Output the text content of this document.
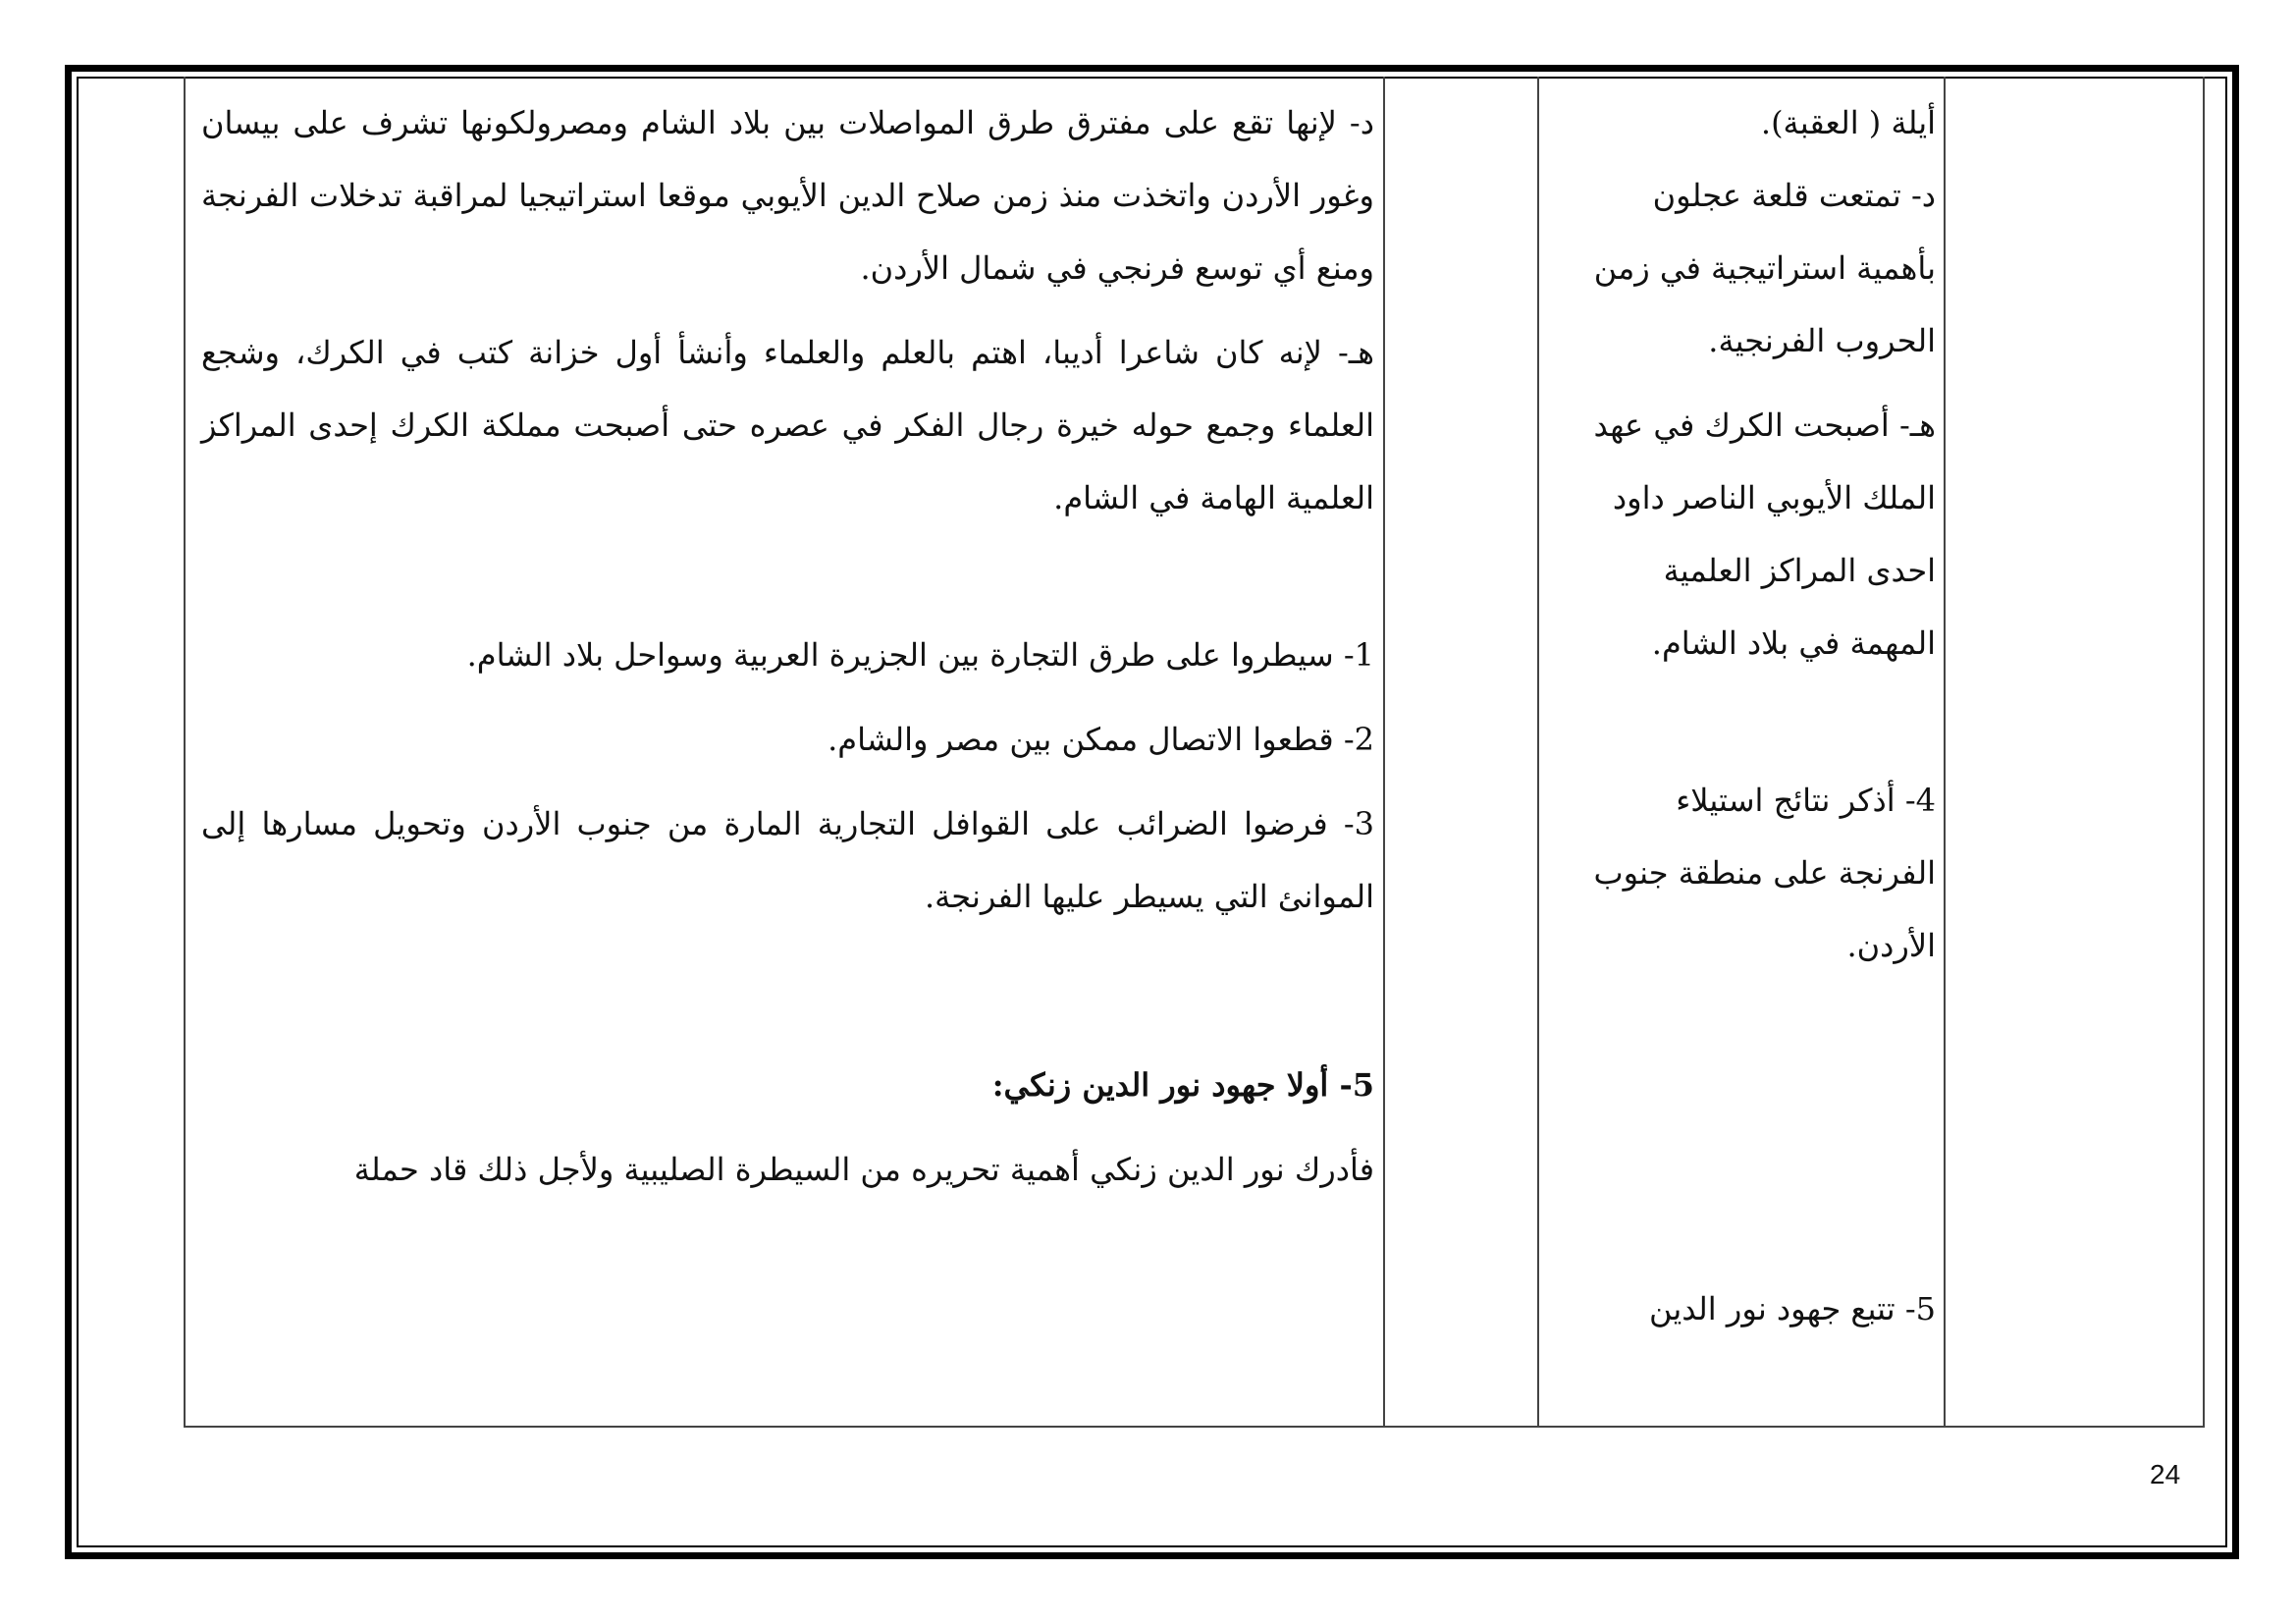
د- لإنها تقع على مفترق طرق المواصلات بين بلاد الشام ومصرولكونها تشرف على بيسان وغور الأردن واتخذت منذ زمن صلاح الدين الأيوبي موقعا استراتيجيا لمراقبة تدخلات الفرنجة ومنع أي توسع فرنجي في شمال الأردن.

هـ- لإنه كان شاعرا أديبا، اهتم بالعلم والعلماء وأنشأ أول خزانة كتب في الكرك، وشجع العلماء وجمع حوله خيرة رجال الفكر في عصره حتى أصبحت مملكة الكرك إحدى المراكز العلمية الهامة في الشام.

1- سيطروا على طرق التجارة بين الجزيرة العربية وسواحل بلاد الشام.

2- قطعوا الاتصال ممكن بين مصر والشام.

3- فرضوا الضرائب على القوافل التجارية المارة من جنوب الأردن وتحويل مسارها إلى الموانئ التي يسيطر عليها الفرنجة.

5- أولا جهود نور الدين زنكي:

فأدرك نور الدين زنكي أهمية تحريره من السيطرة الصليبية ولأجل ذلك قاد حملة

أيلة ( العقبة).

د- تمتعت قلعة عجلون بأهمية استراتيجية في زمن الحروب الفرنجية.

هـ- أصبحت الكرك في عهد الملك الأيوبي الناصر داود احدى المراكز العلمية المهمة في بلاد الشام.

4- أذكر نتائج استيلاء الفرنجة على منطقة جنوب الأردن.

5- تتبع جهود نور الدين

24
